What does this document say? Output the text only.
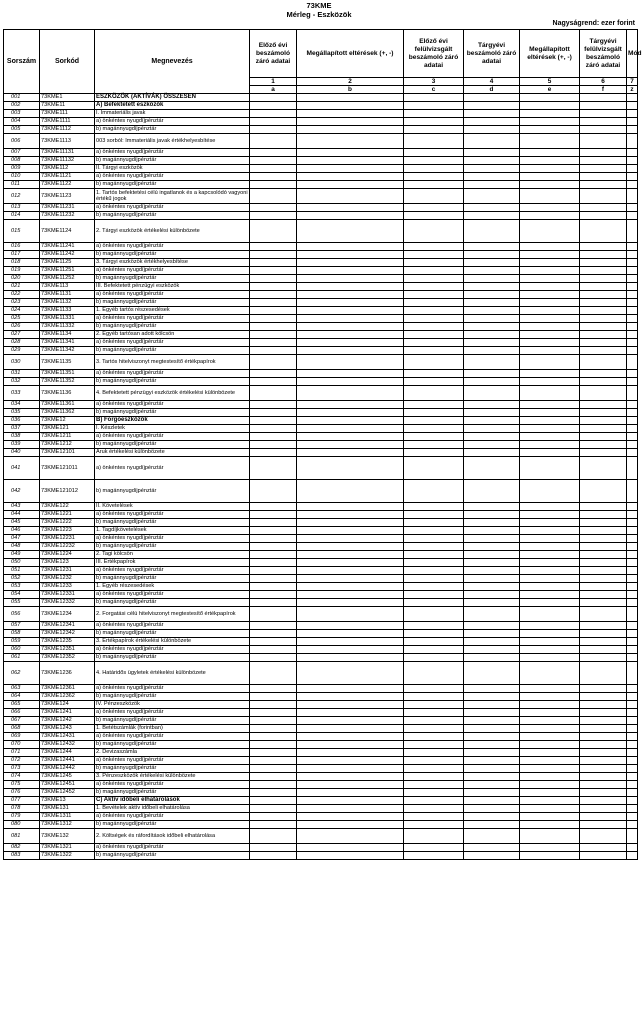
73KME
Mérleg - Eszközök
Nagyságrend: ezer forint
Sorszám	Sorkód	Megnevezés	Előző évi beszámoló záró adatai	Megállapított eltérések (+, -)	Előző évi felülvizsgált beszámoló záró adatai	Tárgyévi beszámoló záró adatai	Megállapított eltérések (+, -)	Tárgyévi felülvizsgált beszámoló záró adatai	Mód
			1	2	3	4	5	6	7
			a	b	c	d	e	f	z
001	73KME1	ESZKÖZÖK (AKTÍVÁK) ÖSSZESEN							
002	73KME11	A) Befektetett eszközök							
003	73KME111	I. Immateriális javak							
004	73KME1111	a) önkéntes nyugdíjpénztár							
005	73KME1112	b) magánnyugdíjpénztár							
006	73KME1113	003 sorból: Immateriális javak értékhelyesbítése							
007	73KME11131	a) önkéntes nyugdíjpénztár							
008	73KME11132	b) magánnyugdíjpénztár							
009	73KME112	II. Tárgyi eszközök							
010	73KME1121	a) önkéntes nyugdíjpénztár							
011	73KME1122	b) magánnyugdíjpénztár							
012	73KME1123	1. Tartós befektetési célú ingatlanok és a kapcsolódó vagyoni értékű jogok							
013	73KME11231	a) önkéntes nyugdíjpénztár							
014	73KME11232	b) magánnyugdíjpénztár							
015	73KME1124	2. Tárgyi eszközök értékelési különbözete							
016	73KME11241	a) önkéntes nyugdíjpénztár							
017	73KME11242	b) magánnyugdíjpénztár							
018	73KME1125	3. Tárgyi eszközök értékhelyesbítése							
019	73KME11251	a) önkéntes nyugdíjpénztár							
020	73KME11252	b) magánnyugdíjpénztár							
021	73KME113	III. Befektetett pénzügyi eszközök							
022	73KME1131	a) önkéntes nyugdíjpénztár							
023	73KME1132	b) magánnyugdíjpénztár							
024	73KME1133	1. Egyéb tartós részesedések							
025	73KME11331	a) önkéntes nyugdíjpénztár							
026	73KME11332	b) magánnyugdíjpénztár							
027	73KME1134	2. Egyéb tartósan adott kölcsön							
028	73KME11341	a) önkéntes nyugdíjpénztár							
029	73KME11342	b) magánnyugdíjpénztár							
030	73KME1135	3. Tartós hitelviszonyt megtestesítő értékpapírok							
031	73KME11351	a) önkéntes nyugdíjpénztár							
032	73KME11352	b) magánnyugdíjpénztár							
033	73KME1136	4. Befektetett pénzügyi eszközök értékelési különbözete							
034	73KME11361	a) önkéntes nyugdíjpénztár							
035	73KME11362	b) magánnyugdíjpénztár							
036	73KME12	B) Forgóeszközök							
037	73KME121	I. Készletek							
038	73KME1211	a) önkéntes nyugdíjpénztár							
039	73KME1212	b) magánnyugdíjpénztár							
040	73KME12101	Áruk értékelési különbözete							
041	73KME121011	a) önkéntes nyugdíjpénztár							
042	73KME121012	b) magánnyugdíjpénztár							
043	73KME122	II. Követelések							
044	73KME1221	a) önkéntes nyugdíjpénztár							
045	73KME1222	b) magánnyugdíjpénztár							
046	73KME1223	1. Tagdíjkövetelések							
047	73KME12231	a) önkéntes nyugdíjpénztár							
048	73KME12232	b) magánnyugdíjpénztár							
049	73KME1224	2. Tagi kölcsön							
050	73KME123	III. Értékpapírok							
051	73KME1231	a) önkéntes nyugdíjpénztár							
052	73KME1232	b) magánnyugdíjpénztár							
053	73KME1233	1. Egyéb részesedések							
054	73KME12331	a) önkéntes nyugdíjpénztár							
055	73KME12332	b) magánnyugdíjpénztár							
056	73KME1234	2. Forgatási célú hitelviszonyt megtestesítő értékpapírok							
057	73KME12341	a) önkéntes nyugdíjpénztár							
058	73KME12342	b) magánnyugdíjpénztár							
059	73KME1235	3. Értékpapírok értékelési különbözete							
060	73KME12351	a) önkéntes nyugdíjpénztár							
061	73KME12352	b) magánnyugdíjpénztár							
062	73KME1236	4. Határidős ügyletek értékelési különbözete							
063	73KME12361	a) önkéntes nyugdíjpénztár							
064	73KME12362	b) magánnyugdíjpénztár							
065	73KME124	IV. Pénzeszközök							
066	73KME1241	a) önkéntes nyugdíjpénztár							
067	73KME1242	b) magánnyugdíjpénztár							
068	73KME1243	1. Betétszámlák (forintban)							
069	73KME12431	a) önkéntes nyugdíjpénztár							
070	73KME12432	b) magánnyugdíjpénztár							
071	73KME1244	2. Devizaszámla							
072	73KME12441	a) önkéntes nyugdíjpénztár							
073	73KME12442	b) magánnyugdíjpénztár							
074	73KME1245	3. Pénzeszközök értékelési különbözete							
075	73KME12451	a) önkéntes nyugdíjpénztár							
076	73KME12452	b) magánnyugdíjpénztár							
077	73KME13	C) Aktív időbeli elhatárolások							
078	73KME131	1. Bevételek aktív időbeli elhatárolása							
079	73KME1311	a) önkéntes nyugdíjpénztár							
080	73KME1312	b) magánnyugdíjpénztár							
081	73KME132	2. Költségek és ráfordítások időbeli elhatárolása							
082	73KME1321	a) önkéntes nyugdíjpénztár							
083	73KME1322	b) magánnyugdíjpénztár							
